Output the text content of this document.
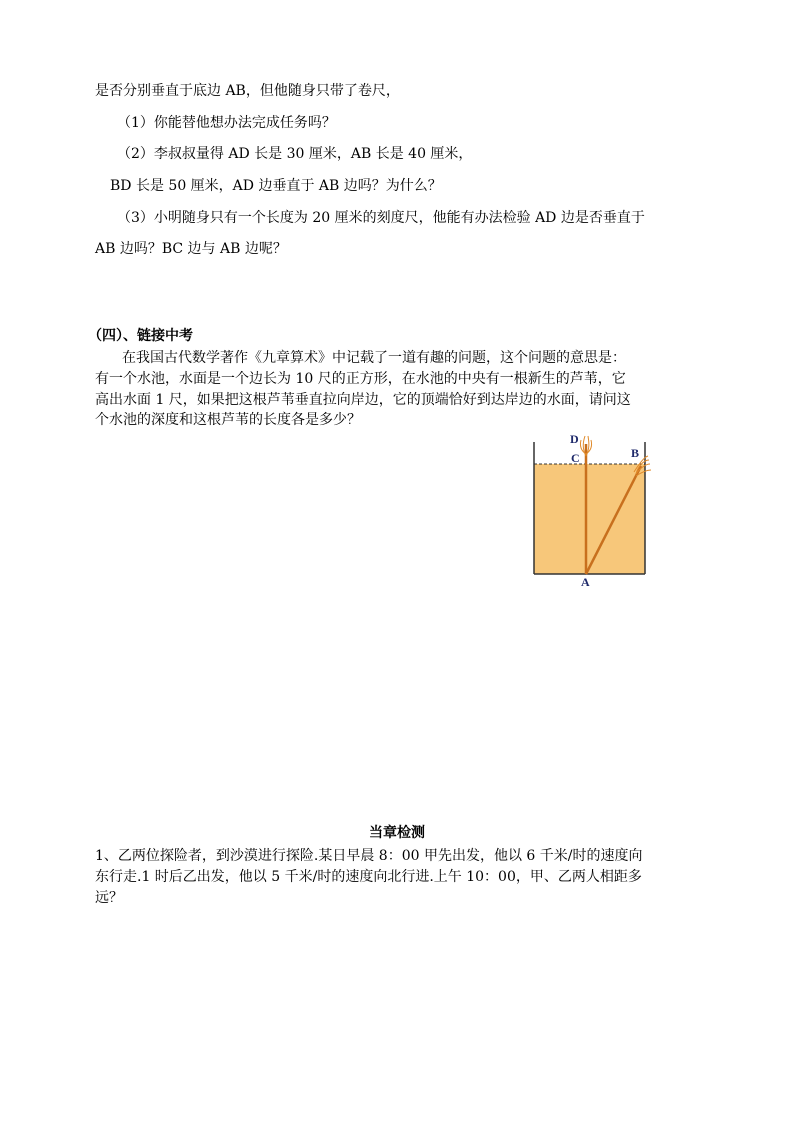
是否分别垂直于底边 AB，但他随身只带了卷尺，
（1）你能替他想办法完成任务吗？
（2）李叔叔量得 AD 长是 30 厘米，AB 长是 40 厘米，
BD 长是 50 厘米，AD 边垂直于 AB 边吗？为什么？
（3）小明随身只有一个长度为 20 厘米的刻度尺，他能有办法检验 AD 边是否垂直于
AB 边吗？BC 边与 AB 边呢？
（四）、链接中考
在我国古代数学著作《九章算术》中记载了一道有趣的问题，这个问题的意思是：
有一个水池，水面是一个边长为 10 尺的正方形，在水池的中央有一根新生的芦苇，它
高出水面 1 尺，如果把这根芦苇垂直拉向岸边，它的顶端恰好到达岸边的水面，请问这
个水池的深度和这根芦苇的长度各是多少？
D
C	B
A
当章检测
1、乙两位探险者，到沙漠进行探险.某日早晨 8：00 甲先出发，他以 6 千米/时的速度向
东行走.1 时后乙出发，他以 5 千米/时的速度向北行进.上午 10：00，甲、乙两人相距多
远？
